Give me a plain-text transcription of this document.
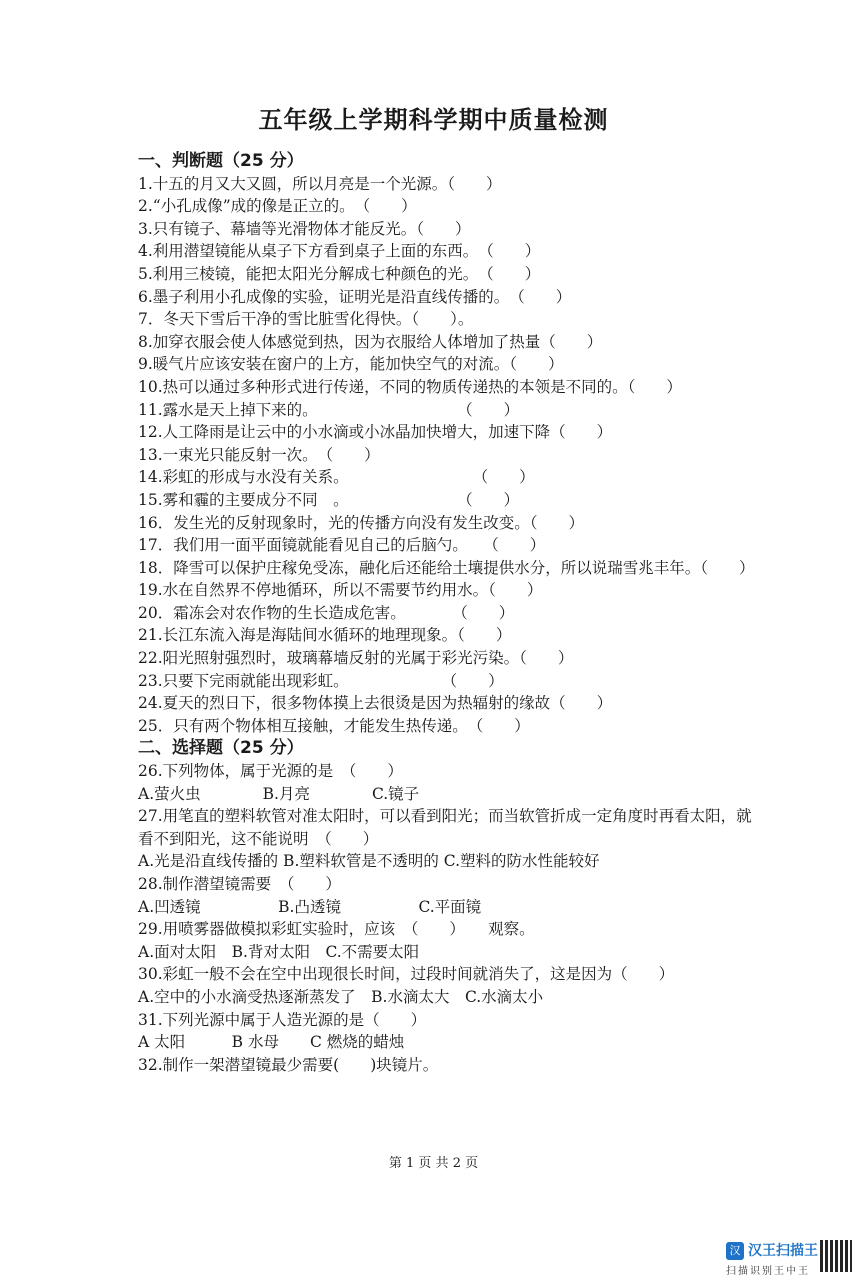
五年级上学期科学期中质量检测
一、判断题（25 分）
1.十五的月又大又圆，所以月亮是一个光源。（　　）
2.“小孔成像”成的像是正立的。　（　　）
3.只有镜子、幕墙等光滑物体才能反光。（　　）
4.利用潜望镜能从桌子下方看到桌子上面的东西。　（　　）
5.利用三棱镜，能把太阳光分解成七种颜色的光。　（　　）
6.墨子利用小孔成像的实验，证明光是沿直线传播的。　（　　）
7．冬天下雪后干净的雪比脏雪化得快。（　　）。
8.加穿衣服会使人体感觉到热，因为衣服给人体增加了热量（　　）
9.暖气片应该安装在窗户的上方，能加快空气的对流。（　　）
10.热可以通过多种形式进行传递，不同的物质传递热的本领是不同的。（　　）
11.露水是天上掉下来的。　　　　　　　　　　（　　）
12.人工降雨是让云中的小水滴或小冰晶加快增大，加速下降（　　）
13.一束光只能反射一次。　（　　）
14.彩虹的形成与水没有关系。　　　　　　　　　（　　）
15.雾和霾的主要成分不同　。　　　　　　　　（　　）
16．发生光的反射现象时，光的传播方向没有发生改变。（　　）
17．我们用一面平面镜就能看见自己的后脑勺。　　（　　）
18．降雪可以保护庄稼免受冻，融化后还能给土壤提供水分，所以说瑞雪兆丰年。（　　）
19.水在自然界不停地循环，所以不需要节约用水。（　　）
20．霜冻会对农作物的生长造成危害。　　　　（　　）
21.长江东流入海是海陆间水循环的地理现象。（　　）
22.阳光照射强烈时，玻璃幕墙反射的光属于彩光污染。（　　）
23.只要下完雨就能出现彩虹。　　　　　　　（　　）
24.夏天的烈日下，很多物体摸上去很烫是因为热辐射的缘故（　　）
25．只有两个物体相互接触，才能发生热传递。　（　　）
二、选择题（25 分）
26.下列物体，属于光源的是　（　　）
A.萤火虫　　　　B.月亮　　　　C.镜子
27.用笔直的塑料软管对准太阳时，可以看到阳光；而当软管折成一定角度时再看太阳，就看不到阳光，这不能说明　（　　）
A.光是沿直线传播的 B.塑料软管是不透明的 C.塑料的防水性能较好
28.制作潜望镜需要　（　　）
A.凹透镜　　　　　B.凸透镜　　　　　C.平面镜
29.用喷雾器做模拟彩虹实验时，应该　（　　）　　观察。
A.面对太阳　B.背对太阳　C.不需要太阳
30.彩虹一般不会在空中出现很长时间，过段时间就消失了，这是因为（　　）
A.空中的小水滴受热逐渐蒸发了　B.水滴太大　C.水滴太小
31.下列光源中属于人造光源的是（　　）
A 太阳　　　B 水母　　C 燃烧的蜡烛
32.制作一架潜望镜最少需要(　　)块镜片。
第 1 页 共 2 页
汉 汉王扫描王
扫描识别王中王
